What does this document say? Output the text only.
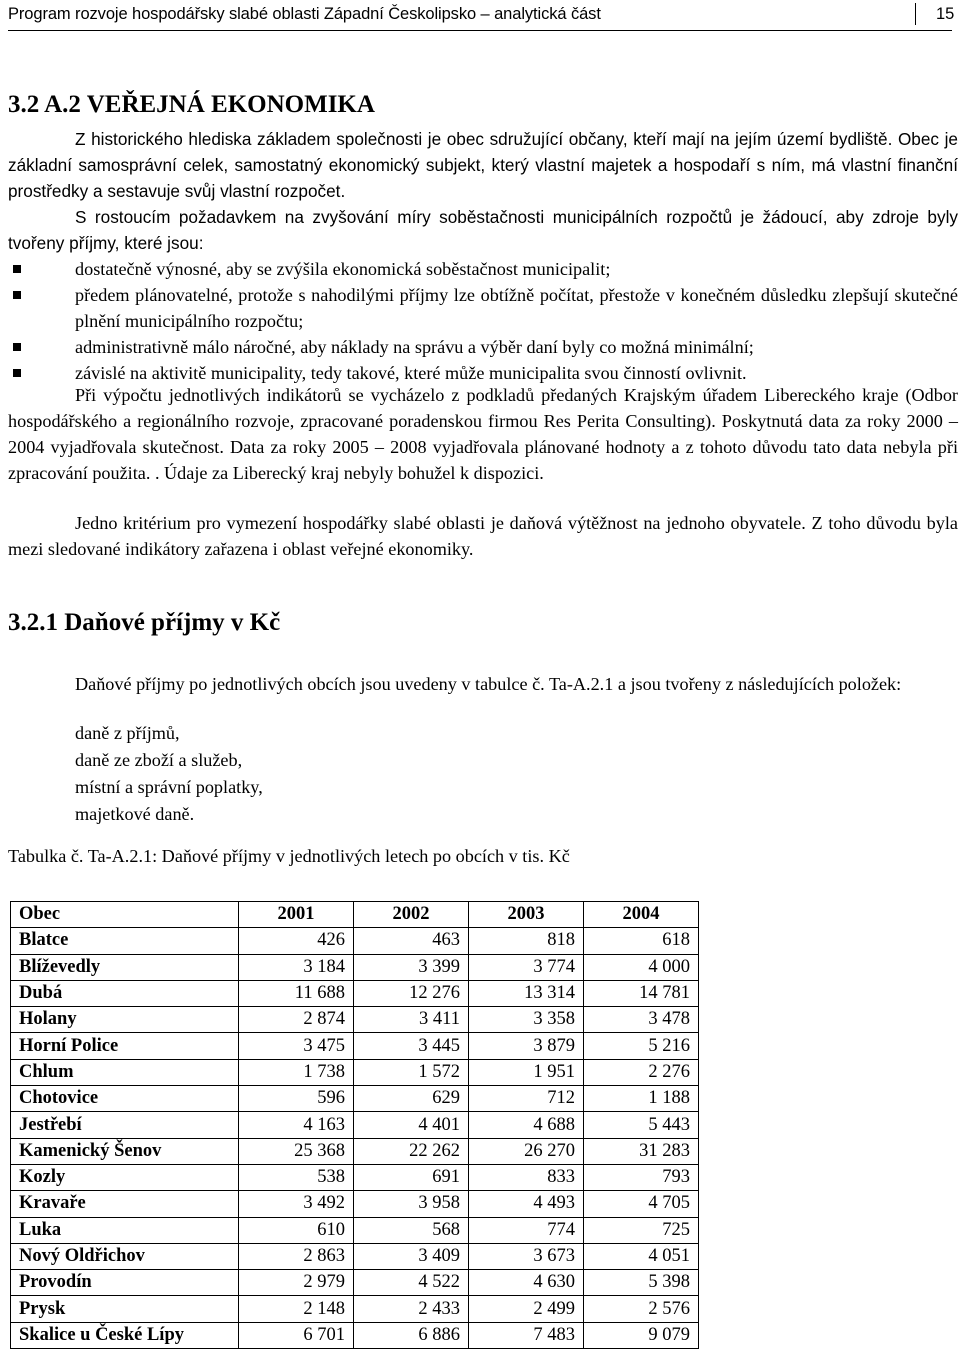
Program rozvoje hospodářsky slabé oblasti Západní Českolipsko – analytická část	15
3.2 A.2 VEŘEJNÁ EKONOMIKA
Z historického hlediska základem společnosti je obec sdružující občany, kteří mají na jejím území bydliště. Obec je základní samosprávní celek, samostatný ekonomický subjekt, který vlastní majetek a hospodaří s ním, má vlastní finanční prostředky a sestavuje svůj vlastní rozpočet.
S rostoucím požadavkem na zvyšování míry soběstačnosti municipálních rozpočtů je žádoucí, aby zdroje byly tvořeny příjmy, které jsou:
dostatečně výnosné, aby se zvýšila ekonomická soběstačnost municipalit;
předem plánovatelné, protože s nahodilými příjmy lze obtížně počítat, přestože v konečném důsledku zlepšují skutečné plnění municipálního rozpočtu;
administrativně málo náročné, aby náklady na správu a výběr daní byly co možná minimální;
závislé na aktivitě municipality, tedy takové, které může municipalita svou činností ovlivnit.
Při výpočtu jednotlivých indikátorů se vycházelo z podkladů předaných Krajským úřadem Libereckého kraje (Odbor hospodářského a regionálního rozvoje, zpracované poradenskou firmou Res Perita Consulting). Poskytnutá data za roky 2000 – 2004 vyjadřovala skutečnost. Data za roky 2005 – 2008 vyjadřovala plánované hodnoty a z tohoto důvodu tato data nebyla při zpracování použita. . Údaje za Liberecký kraj nebyly bohužel k dispozici.
Jedno kritérium pro vymezení hospodářky slabé oblasti je daňová výtěžnost na jednoho obyvatele. Z toho důvodu byla mezi sledované indikátory zařazena i oblast veřejné ekonomiky.
3.2.1 Daňové příjmy v Kč
Daňové příjmy po jednotlivých obcích jsou uvedeny v tabulce č. Ta-A.2.1 a jsou tvořeny z následujících položek:
daně z příjmů,
daně ze zboží a služeb,
místní a správní poplatky,
majetkové daně.
Tabulka č. Ta-A.2.1: Daňové příjmy v jednotlivých letech po obcích v tis. Kč
Obec	2001	2002	2003	2004
Blatce	426	463	818	618
Blíževedly	3 184	3 399	3 774	4 000
Dubá	11 688	12 276	13 314	14 781
Holany	2 874	3 411	3 358	3 478
Horní Police	3 475	3 445	3 879	5 216
Chlum	1 738	1 572	1 951	2 276
Chotovice	596	629	712	1 188
Jestřebí	4 163	4 401	4 688	5 443
Kamenický Šenov	25 368	22 262	26 270	31 283
Kozly	538	691	833	793
Kravaře	3 492	3 958	4 493	4 705
Luka	610	568	774	725
Nový Oldřichov	2 863	3 409	3 673	4 051
Provodín	2 979	4 522	4 630	5 398
Prysk	2 148	2 433	2 499	2 576
Skalice u České Lípy	6 701	6 886	7 483	9 079
